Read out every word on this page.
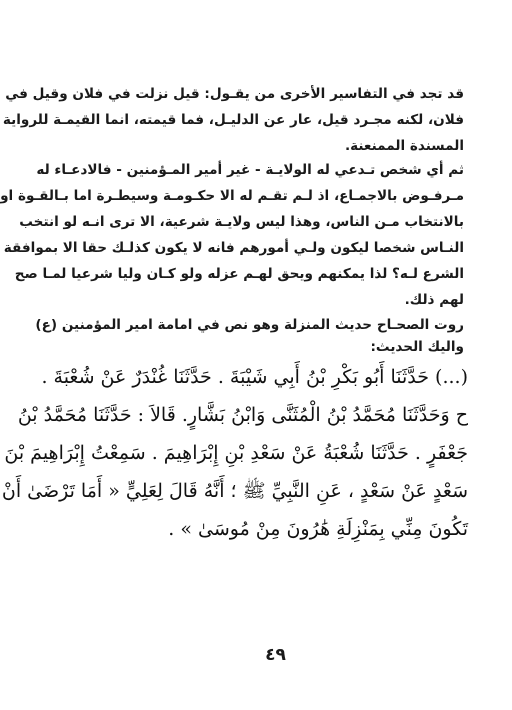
قد تجد في التفاسير الأخرى من يقـول: قيل نزلت في فلان وقيل في
فلان، لكنه مجـرد قيل، عار عن الدليـل، فما قيمته، انما القيمـة للرواية
المسندة الممنعنة.
ثم أي شخص تـدعي له الولايـة - غير أمير المـؤمنين - فالادعـاء له
مـرفـوض بالاجمـاع، اذ لـم تقـم له الا حكـومـة وسيطـرة اما بـالقـوة او
بالانتخاب مـن الناس، وهذا ليس ولايـة شرعية، الا ترى انـه لو انتخب
النـاس شخصا ليكون ولـي أمورهم فانه لا يكون كذلـك حقا الا بموافقة
الشرع لـه؟ لذا يمكنهم ويحق لهـم عزله ولو كـان وليا شرعيا لمـا صح
لهم ذلك.
روت الصحـاح حديث المنزلة وهو نص في امامة امير المؤمنين (ع)
واليك الحديث:
(...) حَدَّثَنَا أَبُو بَكْرِ بْنُ أَبِي شَيْبَةَ . حَدَّثَنَا غُنْدَرٌ عَنْ شُعْبَةَ .
ح وَحَدَّثَنَا مُحَمَّدُ بْنُ الْمُثَنَّى وَابْنُ بَشَّارٍ. قَالاَ : حَدَّثَنَا مُحَمَّدُ بْنُ
جَعْفَرٍ . حَدَّثَنَا شُعْبَةُ عَنْ سَعْدِ بْنِ إِبْرَاهِيمَ . سَمِعْتُ إِبْرَاهِيمَ بْنَ
سَعْدٍ عَنْ سَعْدٍ ، عَنِ النَّبِيِّ ﷺ ؛ أَنَّهُ قَالَ لِعَلِيٍّ « أَمَا تَرْضَىٰ أَنْ
تَكُونَ مِنِّي بِمَنْزِلَةِ هَٰرُونَ مِنْ مُوسَىٰ » .
٤٩
